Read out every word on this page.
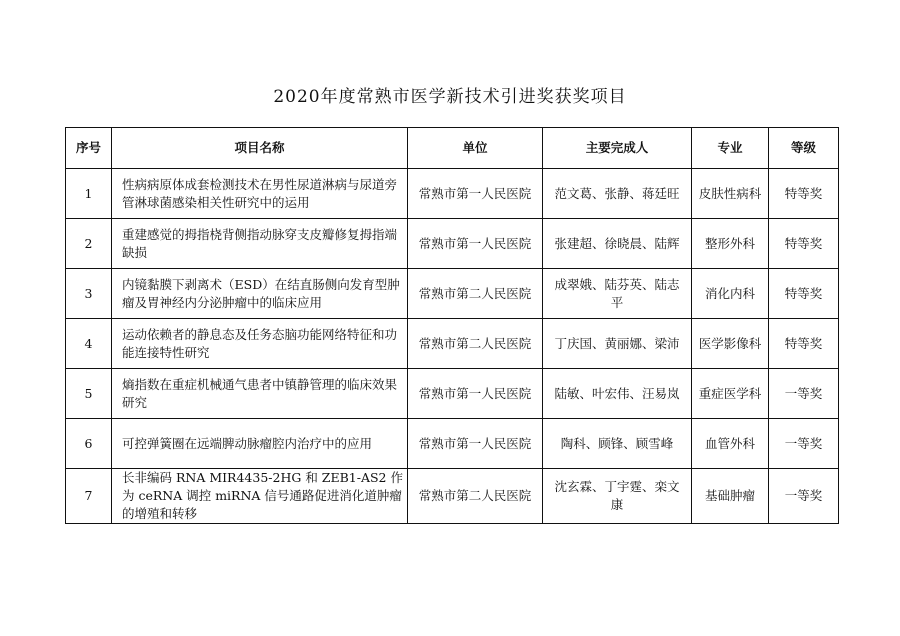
2020年度常熟市医学新技术引进奖获奖项目
序号	项目名称	单位	主要完成人	专业	等级
1	性病病原体成套检测技术在男性尿道淋病与尿道旁管淋球菌感染相关性研究中的运用	常熟市第一人民医院	范文葛、张静、蒋廷旺	皮肤性病科	特等奖
2	重建感觉的拇指桡背侧指动脉穿支皮瓣修复拇指端缺损	常熟市第一人民医院	张建超、徐晓晨、陆辉	整形外科	特等奖
3	内镜黏膜下剥离术（ESD）在结直肠侧向发育型肿瘤及胃神经内分泌肿瘤中的临床应用	常熟市第二人民医院	成翠娥、陆芬英、陆志平	消化内科	特等奖
4	运动依赖者的静息态及任务态脑功能网络特征和功能连接特性研究	常熟市第二人民医院	丁庆国、黄丽娜、梁沛	医学影像科	特等奖
5	熵指数在重症机械通气患者中镇静管理的临床效果研究	常熟市第一人民医院	陆敏、叶宏伟、汪易岚	重症医学科	一等奖
6	可控弹簧圈在远端脾动脉瘤腔内治疗中的应用	常熟市第一人民医院	陶科、顾锋、顾雪峰	血管外科	一等奖
7	长非编码 RNA MIR4435-2HG 和 ZEB1-AS2 作为 ceRNA 调控 miRNA 信号通路促进消化道肿瘤的增殖和转移	常熟市第二人民医院	沈玄霖、丁宇霆、栾文康	基础肿瘤	一等奖
